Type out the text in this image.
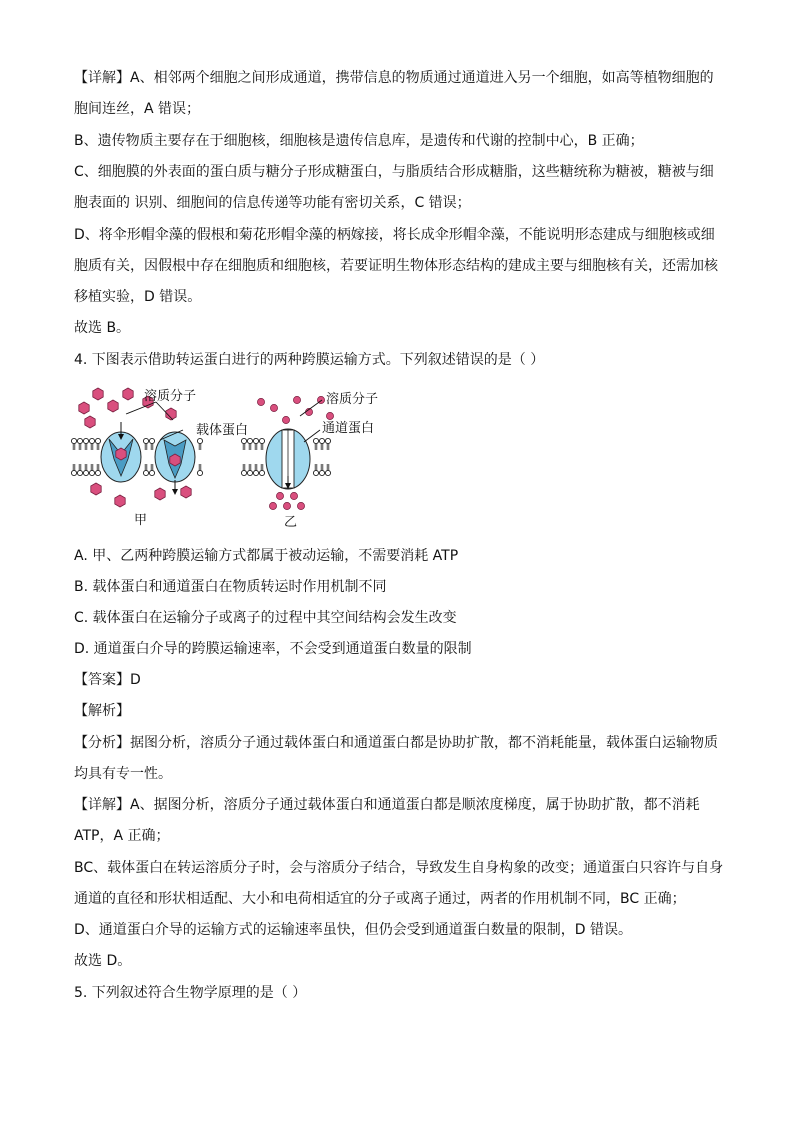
【详解】A、相邻两个细胞之间形成通道，携带信息的物质通过通道进入另一个细胞，如高等植物细胞的
胞间连丝，A 错误；
B、遗传物质主要存在于细胞核，细胞核是遗传信息库，是遗传和代谢的控制中心，B 正确；
C、细胞膜的外表面的蛋白质与糖分子形成糖蛋白，与脂质结合形成糖脂，这些糖统称为糖被，糖被与细
胞表面的 识别、细胞间的信息传递等功能有密切关系，C 错误；
D、将伞形帽伞藻的假根和菊花形帽伞藻的柄嫁接，将长成伞形帽伞藻，不能说明形态建成与细胞核或细
胞质有关，因假根中存在细胞质和细胞核，若要证明生物体形态结构的建成主要与细胞核有关，还需加核
移植实验，D 错误。
故选 B。
4. 下图表示借助转运蛋白进行的两种跨膜运输方式。下列叙述错误的是（ ）
溶质分子
载体蛋白
甲
溶质分子
通道蛋白
乙
A. 甲、乙两种跨膜运输方式都属于被动运输，不需要消耗 ATP
B. 载体蛋白和通道蛋白在物质转运时作用机制不同
C. 载体蛋白在运输分子或离子的过程中其空间结构会发生改变
D. 通道蛋白介导的跨膜运输速率，不会受到通道蛋白数量的限制
【答案】D
【解析】
【分析】据图分析，溶质分子通过载体蛋白和通道蛋白都是协助扩散，都不消耗能量，载体蛋白运输物质
均具有专一性。
【详解】A、据图分析，溶质分子通过载体蛋白和通道蛋白都是顺浓度梯度，属于协助扩散，都不消耗
ATP，A 正确；
BC、载体蛋白在转运溶质分子时，会与溶质分子结合，导致发生自身构象的改变；通道蛋白只容许与自身
通道的直径和形状相适配、大小和电荷相适宜的分子或离子通过，两者的作用机制不同，BC 正确；
D、通道蛋白介导的运输方式的运输速率虽快，但仍会受到通道蛋白数量的限制，D 错误。
故选 D。
5. 下列叙述符合生物学原理的是（ ）
